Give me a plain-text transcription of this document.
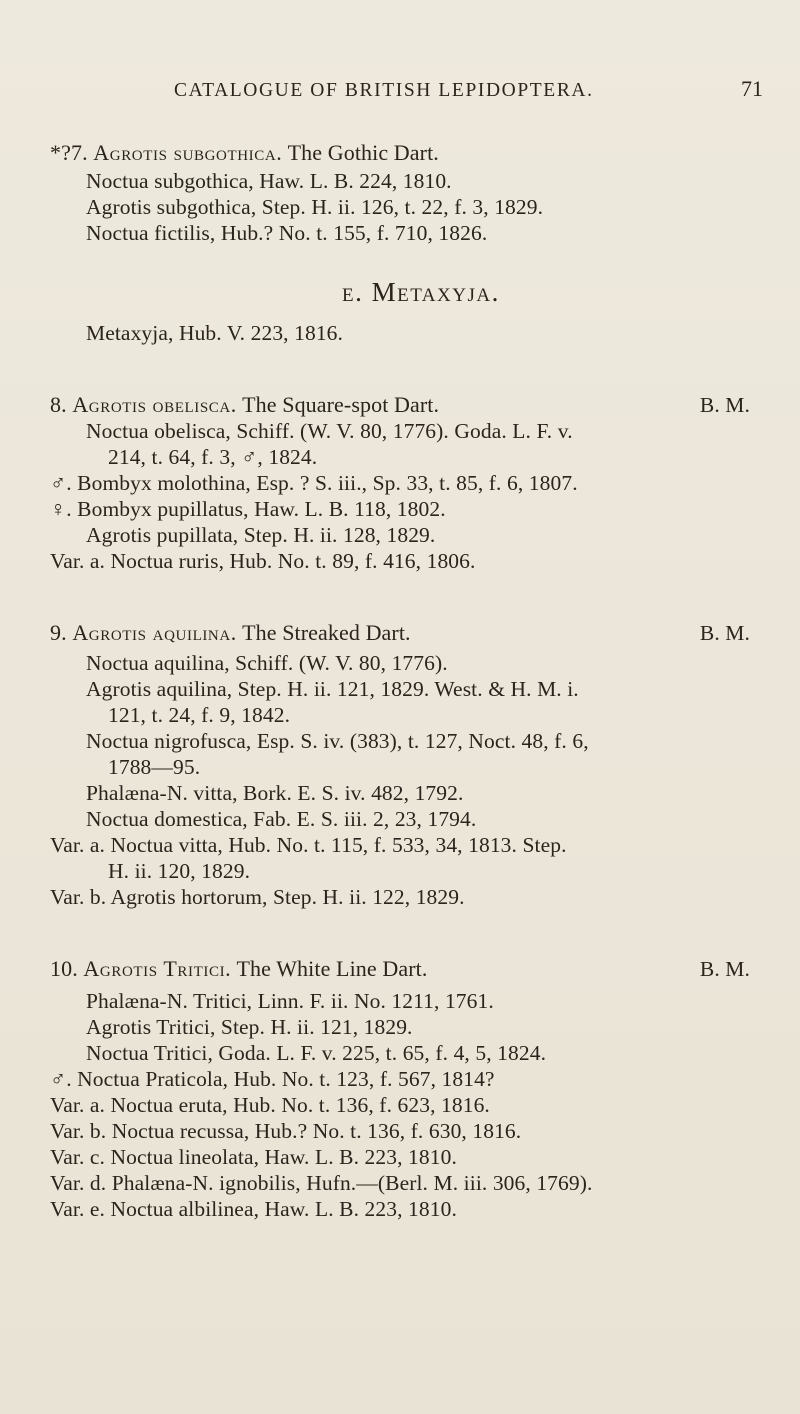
CATALOGUE OF BRITISH LEPIDOPTERA.	71
*?7. Agrotis subgothica. The Gothic Dart.
Noctua subgothica, Haw. L. B. 224, 1810.
Agrotis subgothica, Step. H. ii. 126, t. 22, f. 3, 1829.
Noctua fictilis, Hub.? No. t. 155, f. 710, 1826.
e. Metaxyja.
Metaxyja, Hub. V. 223, 1816.
8. Agrotis obelisca. The Square-spot Dart.	B. M.
Noctua obelisca, Schiff. (W. V. 80, 1776). Goda. L. F. v.
214, t. 64, f. 3, ♂, 1824.
♂. Bombyx molothina, Esp. ? S. iii., Sp. 33, t. 85, f. 6, 1807.
♀. Bombyx pupillatus, Haw. L. B. 118, 1802.
Agrotis pupillata, Step. H. ii. 128, 1829.
Var. a. Noctua ruris, Hub. No. t. 89, f. 416, 1806.
9. Agrotis aquilina. The Streaked Dart.	B. M.
Noctua aquilina, Schiff. (W. V. 80, 1776).
Agrotis aquilina, Step. H. ii. 121, 1829. West. & H. M. i.
121, t. 24, f. 9, 1842.
Noctua nigrofusca, Esp. S. iv. (383), t. 127, Noct. 48, f. 6,
1788—95.
Phalæna-N. vitta, Bork. E. S. iv. 482, 1792.
Noctua domestica, Fab. E. S. iii. 2, 23, 1794.
Var. a. Noctua vitta, Hub. No. t. 115, f. 533, 34, 1813. Step.
H. ii. 120, 1829.
Var. b. Agrotis hortorum, Step. H. ii. 122, 1829.
10. Agrotis Tritici. The White Line Dart.	B. M.
Phalæna-N. Tritici, Linn. F. ii. No. 1211, 1761.
Agrotis Tritici, Step. H. ii. 121, 1829.
Noctua Tritici, Goda. L. F. v. 225, t. 65, f. 4, 5, 1824.
♂. Noctua Praticola, Hub. No. t. 123, f. 567, 1814?
Var. a. Noctua eruta, Hub. No. t. 136, f. 623, 1816.
Var. b. Noctua recussa, Hub.? No. t. 136, f. 630, 1816.
Var. c. Noctua lineolata, Haw. L. B. 223, 1810.
Var. d. Phalæna-N. ignobilis, Hufn.—(Berl. M. iii. 306, 1769).
Var. e. Noctua albilinea, Haw. L. B. 223, 1810.
